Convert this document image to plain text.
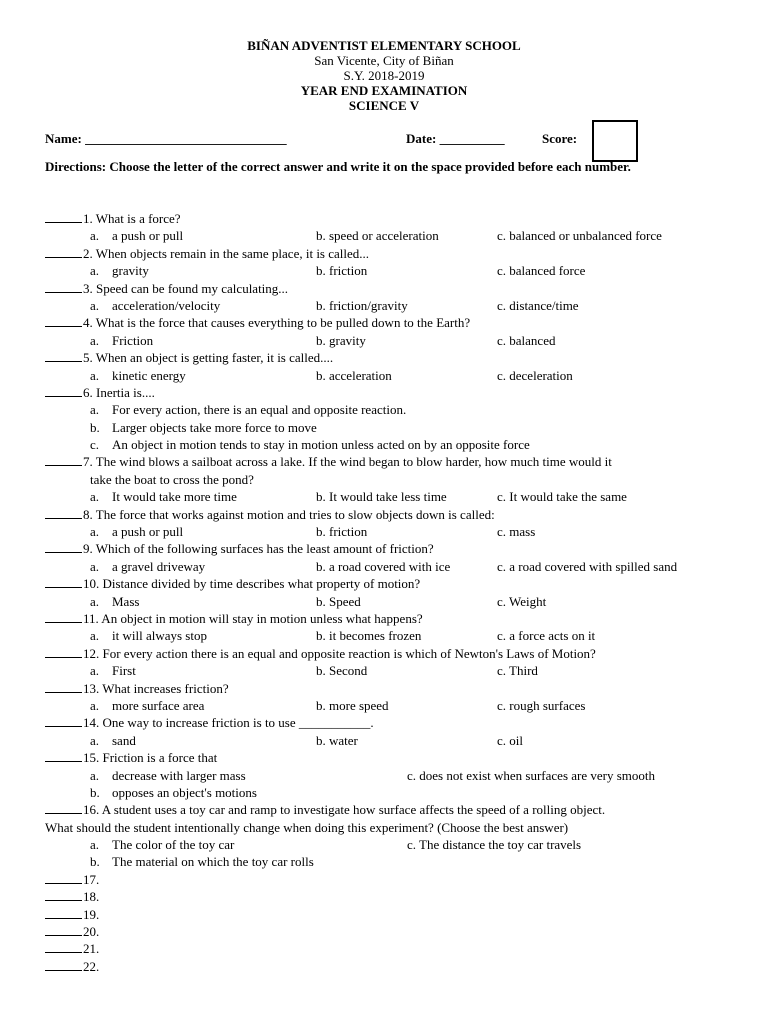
BIÑAN ADVENTIST ELEMENTARY SCHOOL
San Vicente, City of Biñan
S.Y. 2018-2019
YEAR END EXAMINATION
SCIENCE V
Name: _______________________________	Date: __________	Score:
Directions: Choose the letter of the correct answer and write it on the space provided before each number.
1. What is a force?
a. a push or pull	b. speed or acceleration	c. balanced or unbalanced force
2. When objects remain in the same place, it is called...
a. gravity	b. friction	c. balanced force
3. Speed can be found my calculating...
a. acceleration/velocity	b. friction/gravity	c. distance/time
4. What is the force that causes everything to be pulled down to the Earth?
a. Friction	b. gravity	c. balanced
5. When an object is getting faster, it is called....
a. kinetic energy	b. acceleration	c. deceleration
6. Inertia is....
a. For every action, there is an equal and opposite reaction.
b. Larger objects take more force to move
c. An object in motion tends to stay in motion unless acted on by an opposite force
7. The wind blows a sailboat across a lake. If the wind began to blow harder, how much time would it
take the boat to cross the pond?
a. It would take more time	b. It would take less time	c. It would take the same
8. The force that works against motion and tries to slow objects down is called:
a. a push or pull	b. friction	c. mass
9. Which of the following surfaces has the least amount of friction?
a. a gravel driveway	b. a road covered with ice	c. a road covered with spilled sand
10. Distance divided by time describes what property of motion?
a. Mass	b. Speed	c. Weight
11. An object in motion will stay in motion unless what happens?
a. it will always stop	b. it becomes frozen	c. a force acts on it
12. For every action there is an equal and opposite reaction is which of Newton's Laws of Motion?
a. First	b. Second	c. Third
13. What increases friction?
a. more surface area	b. more speed	c. rough surfaces
14. One way to increase friction is to use ___________.
a. sand	b. water	c. oil
15. Friction is a force that
a. decrease with larger mass	c. does not exist when surfaces are very smooth
b. opposes an object's motions
16. A student uses a toy car and ramp to investigate how surface affects the speed of a rolling object.
What should the student intentionally change when doing this experiment? (Choose the best answer)
a. The color of the toy car	c. The distance the toy car travels
b. The material on which the toy car rolls
17.
18.
19.
20.
21.
22.
